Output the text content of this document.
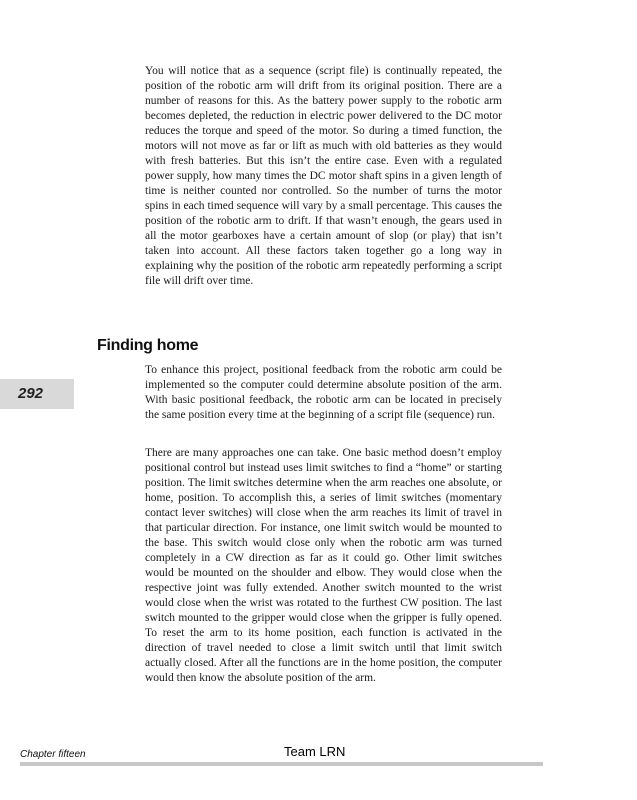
You will notice that as a sequence (script file) is continually repeated, the position of the robotic arm will drift from its original position. There are a number of reasons for this. As the battery power supply to the robotic arm becomes depleted, the reduction in electric power delivered to the DC motor reduces the torque and speed of the motor. So during a timed function, the motors will not move as far or lift as much with old batteries as they would with fresh batteries. But this isn’t the entire case. Even with a regulated power supply, how many times the DC motor shaft spins in a given length of time is neither counted nor controlled. So the number of turns the motor spins in each timed sequence will vary by a small percentage. This causes the position of the robotic arm to drift. If that wasn’t enough, the gears used in all the motor gearboxes have a certain amount of slop (or play) that isn’t taken into account. All these factors taken together go a long way in explaining why the position of the robotic arm repeatedly performing a script file will drift over time.

Finding home
292

To enhance this project, positional feedback from the robotic arm could be implemented so the computer could determine absolute position of the arm. With basic positional feedback, the robotic arm can be located in precisely the same position every time at the beginning of a script file (sequence) run.

There are many approaches one can take. One basic method doesn’t employ positional control but instead uses limit switches to find a “home” or starting position. The limit switches determine when the arm reaches one absolute, or home, position. To accomplish this, a series of limit switches (momentary contact lever switches) will close when the arm reaches its limit of travel in that particular direction. For instance, one limit switch would be mounted to the base. This switch would close only when the robotic arm was turned completely in a CW direction as far as it could go. Other limit switches would be mounted on the shoulder and elbow. They would close when the respective joint was fully extended. Another switch mounted to the wrist would close when the wrist was rotated to the furthest CW position. The last switch mounted to the gripper would close when the gripper is fully opened. To reset the arm to its home position, each function is activated in the direction of travel needed to close a limit switch until that limit switch actually closed. After all the functions are in the home position, the computer would then know the absolute position of the arm.

Chapter fifteen	Team LRN
